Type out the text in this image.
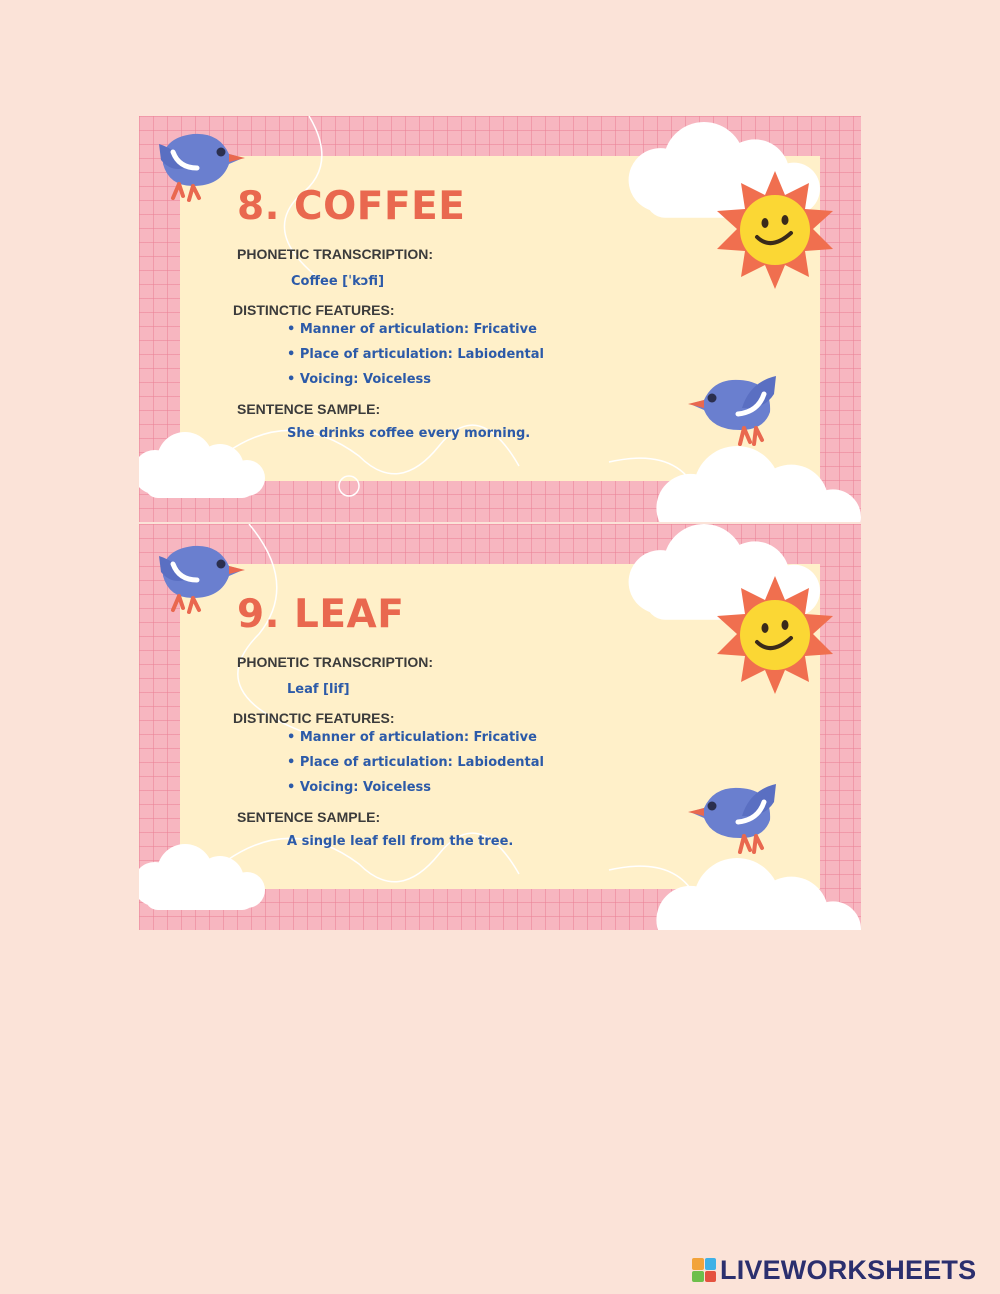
8. COFFEE

PHONETIC TRANSCRIPTION:

Coffee [ˈkɔfi]

DISTINCTIC FEATURES:

• Manner of articulation: Fricative
• Place of articulation: Labiodental
• Voicing: Voiceless

SENTENCE SAMPLE:

She drinks coffee every morning.

9. LEAF

PHONETIC TRANSCRIPTION:

Leaf [lif]

DISTINCTIC FEATURES:

• Manner of articulation: Fricative
• Place of articulation: Labiodental
• Voicing: Voiceless

SENTENCE SAMPLE:

A single leaf fell from the tree.

LIVEWORKSHEETS
